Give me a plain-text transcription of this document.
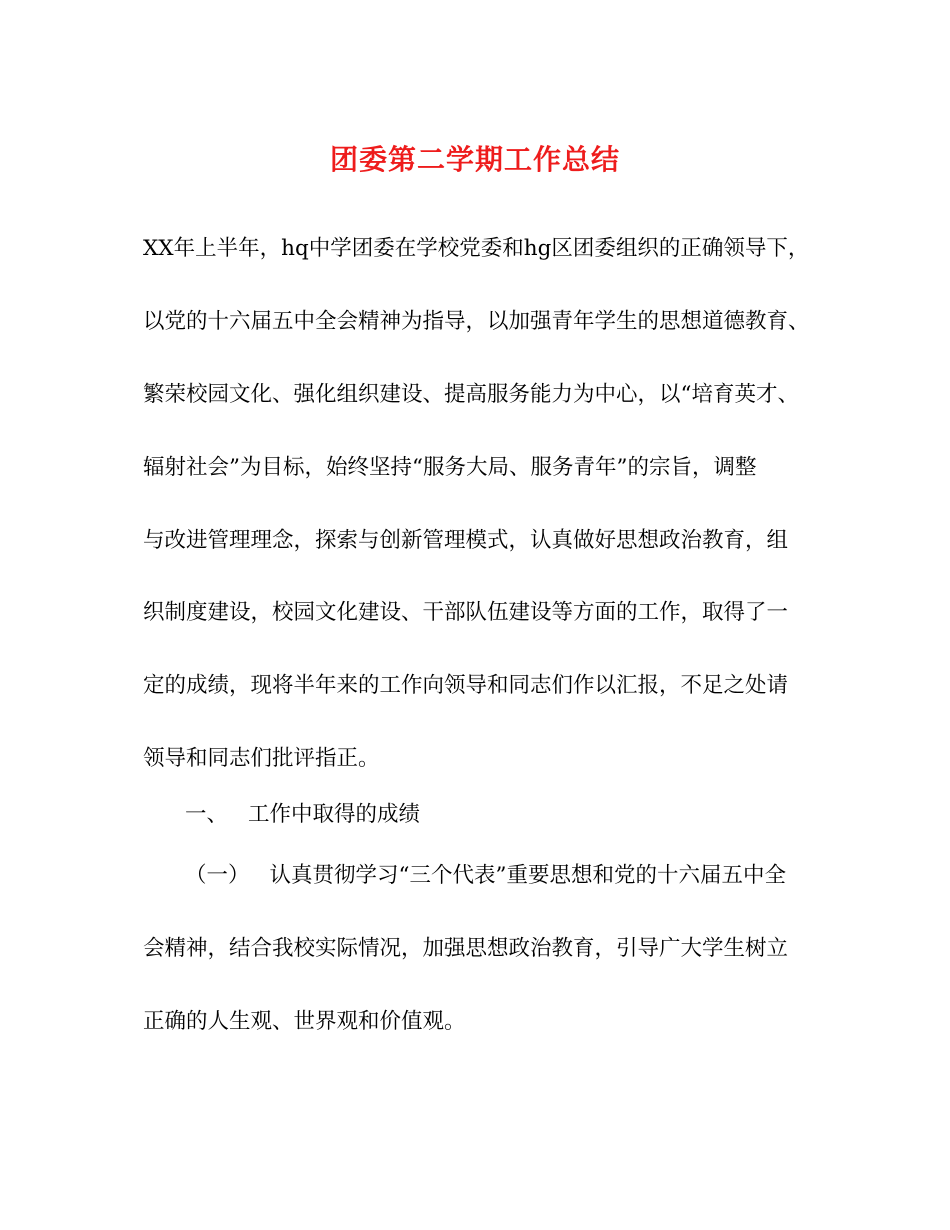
团委第二学期工作总结
XX年上半年，hq中学团委在学校党委和hg区团委组织的正确领导下，
以党的十六届五中全会精神为指导，以加强青年学生的思想道德教育、
繁荣校园文化、强化组织建设、提高服务能力为中心，以“培育英才、
辐射社会”为目标，始终坚持“服务大局、服务青年”的宗旨，调整
与改进管理理念，探索与创新管理模式，认真做好思想政治教育，组
织制度建设，校园文化建设、干部队伍建设等方面的工作，取得了一
定的成绩，现将半年来的工作向领导和同志们作以汇报，不足之处请
领导和同志们批评指正。
一、 工作中取得的成绩
（一） 认真贯彻学习“三个代表”重要思想和党的十六届五中全
会精神，结合我校实际情况，加强思想政治教育，引导广大学生树立
正确的人生观、世界观和价值观。
